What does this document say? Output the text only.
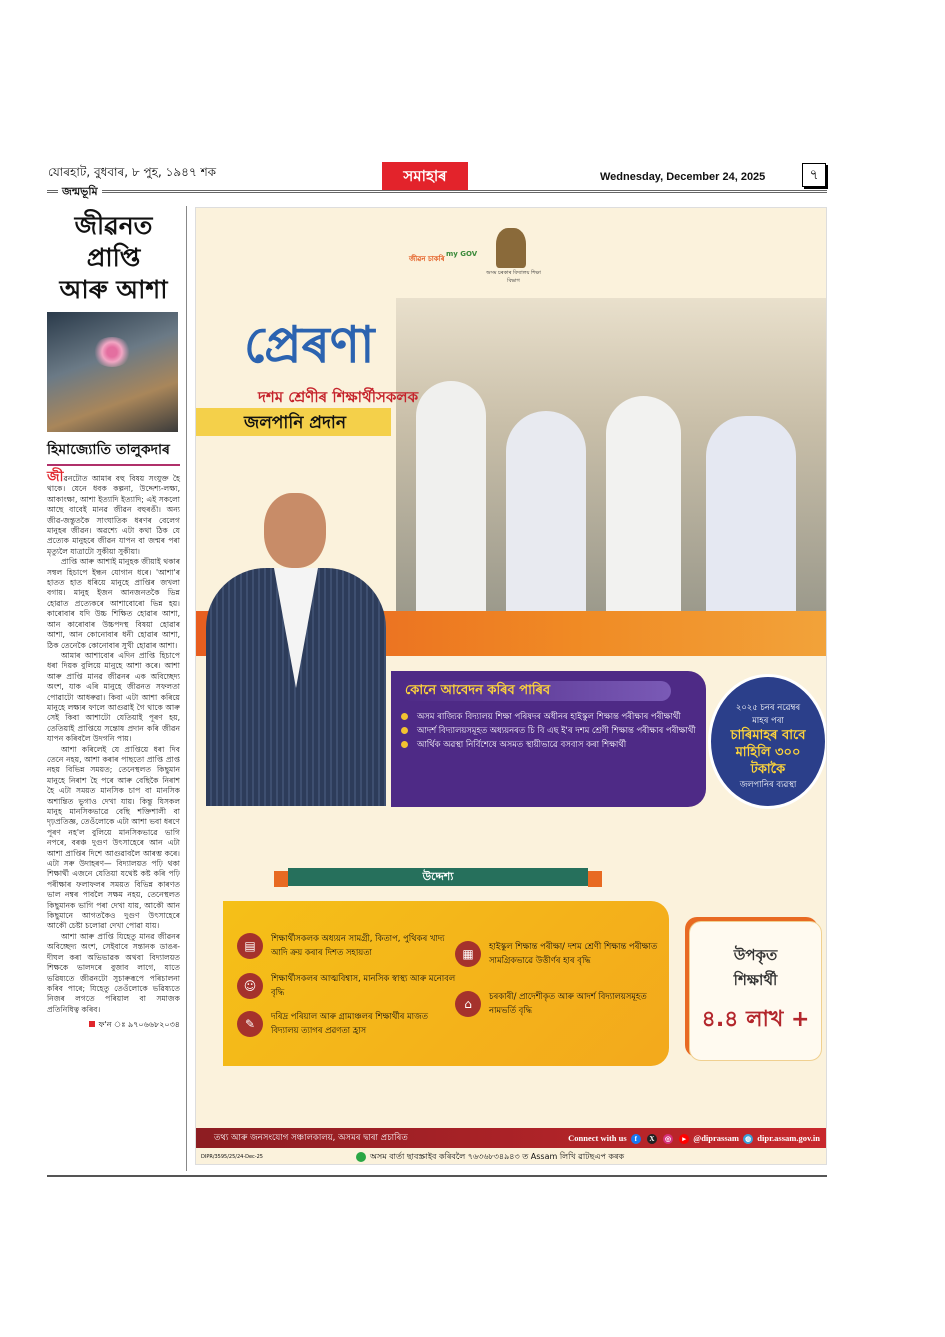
যোৰহাট, বুধবাৰ, ৮ পুহ, ১৯৪৭ শক	সমাহাৰ	Wednesday, December 24, 2025	৭
জন্মভূমি
জীৱনত প্ৰাপ্তি
আৰু আশা
হিমাজ্যোতি তালুকদাৰ

জীৱনটোত আমাৰ বহু বিষয় সংযুক্ত হৈ থাকে। যেনে ধবক কল্পনা, উদ্দেশ্য-লক্ষ্য, আকাংক্ষা, আশা ইত্যাদি ইত্যাদি; এই সকলো আছে বাবেই মানৱ জীৱন বহুৰঙী। অন্য জীৱ-জন্তুতকৈ সাংঘাতিক ধৰণৰ বেলেগ মানুহৰ জীৱন। অৱশ্যে এটা কথা ঠিক যে প্ৰত্যেক মানুহৰে জীৱন যাপন বা জন্মৰ পৰা মৃত্যুলৈ যাত্ৰাটো সুকীয়া সুকীয়া।

প্ৰাপ্তি আৰু আশাই মানুহক জীয়াই থকাৰ সম্বল হিচাপে ইন্ধন যোগান ধৰে। 'আশা'ৰ হাতত হাত ধৰিয়ে মানুহে প্ৰাপ্তিৰ জখলা বগায়। মানুহ ইজন আনজনতকৈ ভিন্ন হোৱাত প্ৰত্যেকৰে আশাবোৰো ভিন্ন হয়। কাৰোবাৰ যদি উচ্চ শিক্ষিত হোৱাৰ আশা, আন কাৰোবাৰ উচ্চপদস্থ বিষয়া হোৱাৰ আশা, আন কোনোবাৰ ধনী হোৱাৰ আশা, ঠিক তেনেকৈ কোনোবাৰ সুখী হোৱাৰ আশা।

আমাৰ আশাবোৰ এদিন প্ৰাপ্তি হিচাপে ধৰা দিয়ক বুলিয়ে মানুহে আশা কৰে। আশা আৰু প্ৰাপ্তি মানৱ জীৱনৰ এক অবিচ্ছেদ্য অংশ, যাক এৰি মানুহে জীৱনত সফলতা পোৱাটো আধৰুৱা। কিবা এটা আশা কৰিয়ে মানুহে লক্ষ্যৰ ফালে আগুৱাই গৈ থাকে আৰু সেই কিবা আশাটো যেতিয়াই পূৰণ হয়, তেতিয়াই প্ৰাপ্তিয়ে সন্তোষ প্ৰদান কৰি জীৱন যাপন কৰিবলৈ উদগনি পায়।

আশা কৰিলেই যে প্ৰাপ্তিয়ে ধৰা দিব তেনে নহয়, আশা কৰাৰ পাছতো প্ৰাপ্তি প্ৰাপ্ত নহয় বিভিন্ন সময়ত; তেনেস্থলত কিছুমান মানুহে নিৰাশ হৈ পৰে আৰু বেছিকৈ নিৰাশ হৈ এটা সময়ত মানসিক চাপ বা মানসিক অশান্তিত ভুগাও দেখা যায়। কিন্তু যিসকল মানুহ মানসিকভাৱে বেছি শক্তিশালী বা দৃঢ়প্ৰতিজ্ঞ, তেওঁলোকে এটা আশা ভবা ধৰণে পূৰণ নহ'ল বুলিয়ে মানসিকভাৱে ভাগি নপৰে, বৰঞ্চ দুগুণ উৎসাহেৰে আন এটা আশা প্ৰাপ্তিৰ দিশে আগুৱাবলৈ আৰম্ভ কৰে। এটা সৰু উদাহৰণ— বিদ্যালয়ত পঢ়ি থকা শিক্ষাৰ্থী এজনে যেতিয়া যথেষ্ট কষ্ট কৰি পঢ়ি পৰীক্ষাৰ ফলাফলৰ সময়ত বিভিন্ন কাৰণত ভাল নম্বৰ পাবলৈ সক্ষম নহয়, তেনেস্থলত কিছুমানক ভাগি পৰা দেখা যায়, আকৌ আন কিছুমানে আগতকৈও দুগুণ উৎসাহেৰে আকৌ চেষ্টা চলোৱা দেখা পোৱা যায়।

আশা আৰু প্ৰাপ্তি যিহেতু মানৱ জীৱনৰ অবিচ্ছেদ্য অংশ, সেইবাবে সন্তানক ডাঙৰ-দীঘল কৰা অভিভাৱক অথবা বিদ্যালয়ত শিক্ষকে ভালদৰে বুজাব লাগে, যাতে ভৱিষ্যতে জীৱনটো সুচাৰুৰূপে পৰিচালনা কৰিব পাৰে; যিহেতু তেওঁলোকে ভৱিষ্যতে নিজৰ লগতে পৰিয়াল বা সমাজক প্ৰতিনিধিত্ব কৰিব।

ফ'ন ঃ ৯৭০৬৬৮২০৩৪
জীৱন চাকৰি
my GOV
অসম চৰকাৰ বিদ্যালয় শিক্ষা বিভাগ
প্ৰেৰণা
দশম শ্ৰেণীৰ শিক্ষাৰ্থীসকলক
জলপানি প্ৰদান
কোনে আবেদন কৰিব পাৰিব
অসম ৰাজ্যিক বিদ্যালয় শিক্ষা পৰিষদৰ অধীনৰ হাইস্কুল শিক্ষান্ত পৰীক্ষাৰ পৰীক্ষাৰ্থী
আদৰ্শ বিদ্যালয়সমূহত অধ্যয়নৰত চি বি এছ ই'ৰ দশম শ্ৰেণী শিক্ষান্ত পৰীক্ষাৰ পৰীক্ষাৰ্থী
আৰ্থিক অৱস্থা নিৰ্বিশেষে অসমত স্থায়ীভাৱে বসবাস কৰা শিক্ষাৰ্থী
২০২৫ চনৰ নৱেম্বৰ
মাহৰ পৰা
চাৰিমাহৰ বাবে
মাহিলি ৩০০
টকাকৈ
জলপানিৰ ব্যৱস্থা
উদ্দেশ্য
▤
শিক্ষাৰ্থীসকলক অধ্যয়ন সামগ্ৰী, কিতাপ, পুথিকৰ খাদ্য আদি ক্ৰয় কৰাৰ দিশত সহায়তা
☺
শিক্ষাৰ্থীসকলৰ আত্মবিশ্বাস, মানসিক স্বাস্থ্য আৰু মনোবল বৃদ্ধি
✎
দৰিদ্ৰ পৰিয়াল আৰু গ্ৰামাঞ্চলৰ শিক্ষাৰ্থীৰ মাজত বিদ্যালয় ত্যাগৰ প্ৰৱণতা হ্ৰাস
▦
হাইস্কুল শিক্ষান্ত পৰীক্ষা/ দশম শ্ৰেণী শিক্ষান্ত পৰীক্ষাত সামগ্ৰিকভাৱে উত্তীৰ্ণৰ হাৰ বৃদ্ধি
⌂
চৰকাৰী/ প্ৰাদেশীকৃত আৰু আদৰ্শ বিদ্যালয়সমূহত নামভৰ্তি বৃদ্ধি
উপকৃত
শিক্ষাৰ্থী
৪.৪ লাখ +
তথ্য আৰু জনসংযোগ সঞ্চালকালয়, অসমৰ দ্বাৰা প্ৰচাৰিত	Connect with us f X ◎ ▸ @diprassam ◍ dipr.assam.gov.in
DIPR/3595/25/24-Dec-25	অসম বাৰ্তা ছাবস্ক্ৰাইব কৰিবলৈ ৭৬৩৬৮৩৪৯৪৩ ত Assam লিখি ৱাটছএপ কৰক
